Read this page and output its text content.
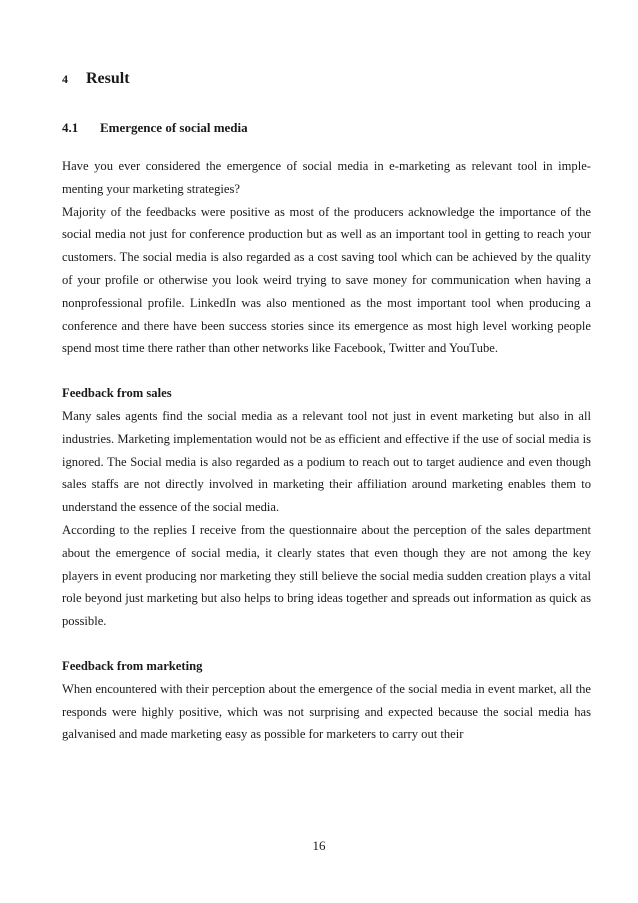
4	Result
4.1	Emergence of social media

Have you ever considered the emergence of social media in e-marketing as relevant tool in imple-menting your marketing strategies?

Majority of the feedbacks were positive as most of the producers acknowledge the importance of the social media not just for conference production but as well as an important tool in getting to reach your customers. The social media is also regarded as a cost saving tool which can be achieved by the quality of your profile or otherwise you look weird trying to save money for communication when having a nonprofessional profile. LinkedIn was also mentioned as the most important tool when producing a conference and there have been success stories since its emergence as most high level working people spend most time there rather than other networks like Facebook, Twitter and YouTube.

Feedback from sales

Many sales agents find the social media as a relevant tool not just in event marketing but also in all industries. Marketing implementation would not be as efficient and effective if the use of social media is ignored. The Social media is also regarded as a podium to reach out to target audience and even though sales staffs are not directly involved in marketing their affiliation around marketing enables them to understand the essence of the social media.

According to the replies I receive from the questionnaire about the perception of the sales department about the emergence of social media, it clearly states that even though they are not among the key players in event producing nor marketing they still believe the social media sudden creation plays a vital role beyond just marketing but also helps to bring ideas together and spreads out information as quick as possible.

Feedback from marketing

When encountered with their perception about the emergence of the social media in event market, all the responds were highly positive, which was not surprising and expected because the social media has galvanised and made marketing easy as possible for marketers to carry out their

16
